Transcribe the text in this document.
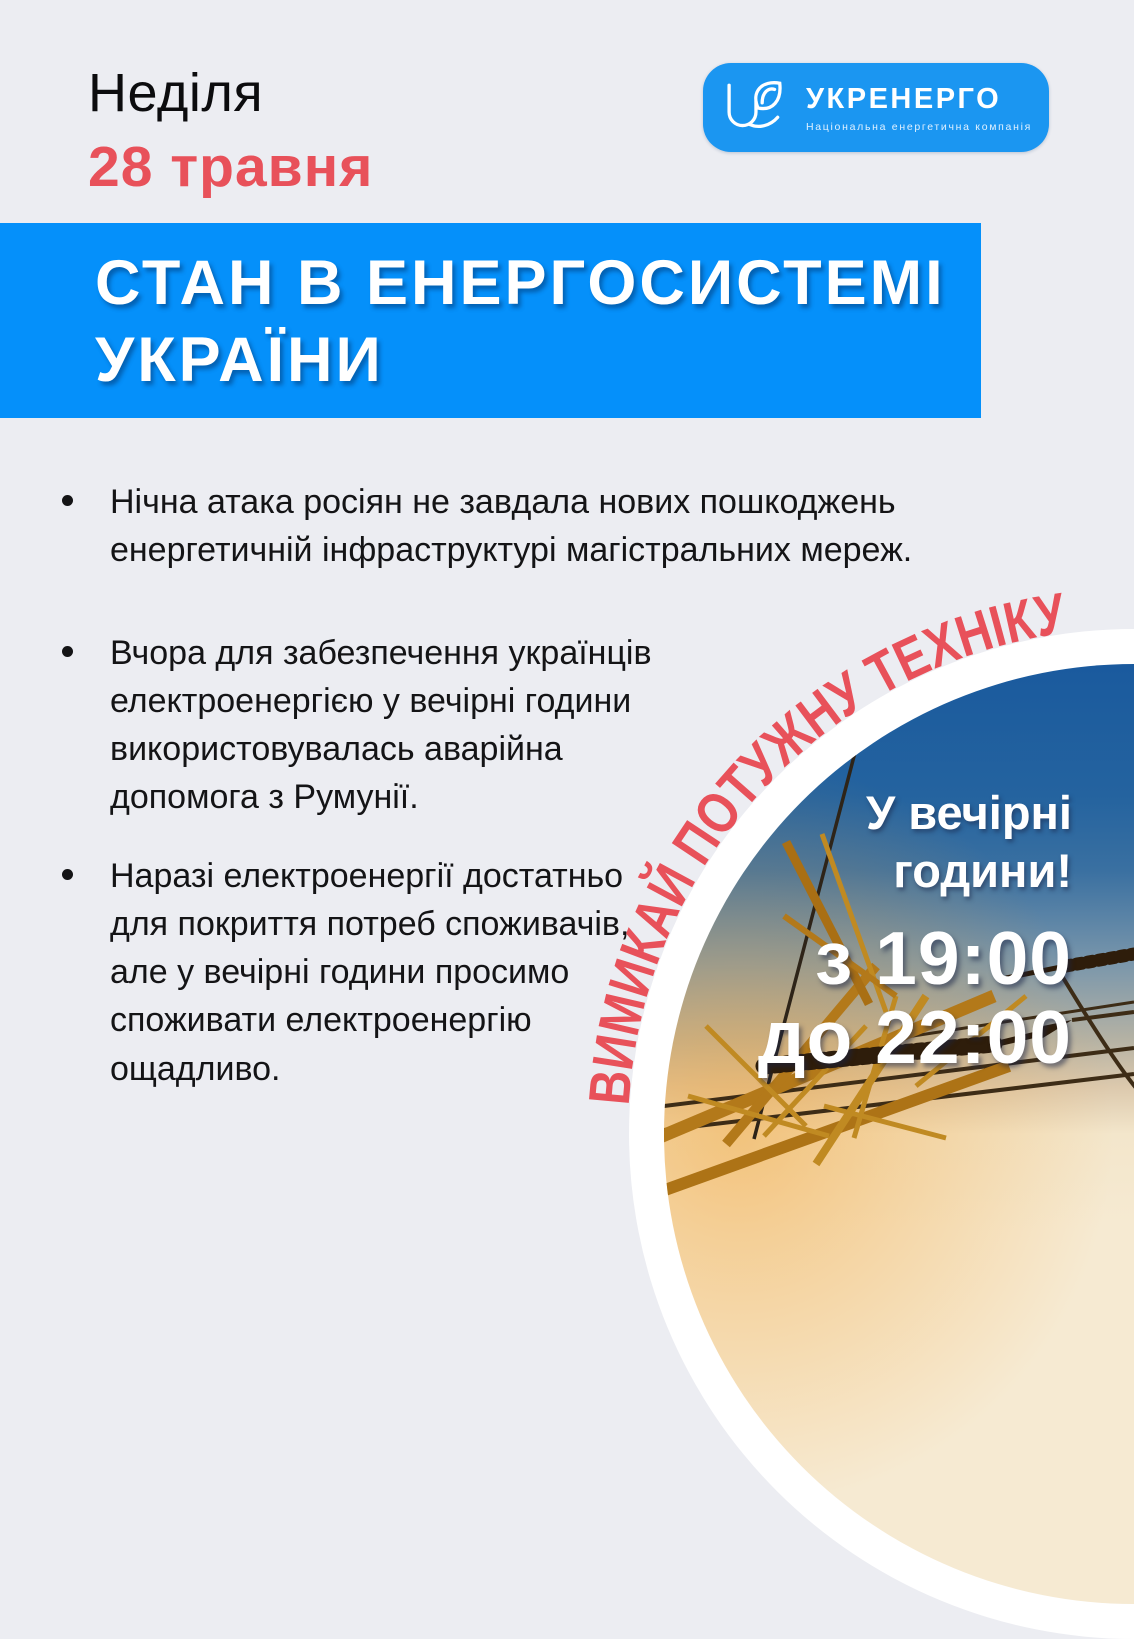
Неділя
28 травня
УКРЕНЕРГО
Національна енергетична компанія
СТАН В ЕНЕРГОСИСТЕМІ
УКРАЇНИ
Нічна атака росіян не завдала нових пошкоджень енергетичній інфраструктурі магістральних мереж.
Вчора для забезпечення українців електроенергією у вечірні години використовувалась аварійна допомога з Румунії.
Наразі електроенергії достатньо для покриття потреб споживачів, але у вечірні години просимо споживати електроенергію ощадливо.
У вечірні
години!
з 19:00
до 22:00
ВИМИКАЙ ПОТУЖНУ ТЕХНІКУ
